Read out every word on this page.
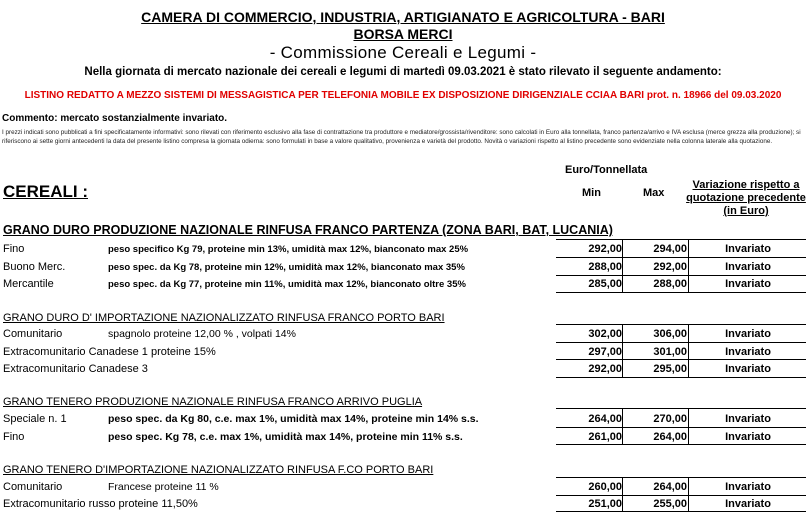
CAMERA DI COMMERCIO, INDUSTRIA, ARTIGIANATO E AGRICOLTURA - BARI
BORSA MERCI
- Commissione Cereali e Legumi -
Nella giornata di mercato nazionale dei cereali e legumi di martedì 09.03.2021 è stato rilevato il seguente andamento:
LISTINO REDATTO A MEZZO SISTEMI DI MESSAGISTICA PER TELEFONIA MOBILE EX DISPOSIZIONE DIRIGENZIALE CCIAA BARI prot. n. 18966 del 09.03.2020
Commento: mercato sostanzialmente invariato.
I prezzi indicati sono pubblicati a fini specificatamente informativi: sono rilevati con riferimento esclusivo alla fase di contrattazione tra produttore e mediatore/grossista/rivenditore: sono calcolati in Euro alla tonnellata, franco partenza/arrivo e IVA esclusa (merce grezza alla produzione); si riferiscono ai sette giorni antecedenti la data del presente listino compresa la giornata odierna: sono formulati in base a valore qualitativo, provenienza e varietà del prodotto. Novità o variazioni rispetto al listino precedente sono evidenziate nella colonna laterale alla quotazione.
CEREALI :
Euro/Tonnellata
Min	Max
Variazione rispetto a quotazione precedente (in Euro)
GRANO DURO PRODUZIONE NAZIONALE RINFUSA FRANCO PARTENZA (ZONA BARI, BAT, LUCANIA)
Fino	peso specifico Kg 79, proteine min 13%, umidità max 12%, bianconato max 25%	292,00	294,00	Invariato
Buono Merc.	peso spec. da Kg 78, proteine min 12%, umidità max 12%, bianconato max 35%	288,00	292,00	Invariato
Mercantile	peso spec. da Kg 77, proteine min 11%, umidità max 12%, bianconato oltre 35%	285,00	288,00	Invariato
GRANO DURO D' IMPORTAZIONE NAZIONALIZZATO RINFUSA FRANCO PORTO BARI
Comunitario	spagnolo proteine 12,00 % , volpati 14%	302,00	306,00	Invariato
Extracomunitario Canadese 1 proteine 15%	297,00	301,00	Invariato
Extracomunitario Canadese 3	292,00	295,00	Invariato
GRANO TENERO PRODUZIONE NAZIONALE RINFUSA FRANCO ARRIVO PUGLIA
Speciale n. 1	peso spec. da Kg 80, c.e. max 1%, umidità max 14%, proteine min 14% s.s.	264,00	270,00	Invariato
Fino	peso spec. Kg 78, c.e. max 1%, umidità max 14%, proteine min 11% s.s.	261,00	264,00	Invariato
GRANO TENERO D'IMPORTAZIONE NAZIONALIZZATO RINFUSA F.CO PORTO BARI
Comunitario	Francese proteine 11 %	260,00	264,00	Invariato
Extracomunitario russo proteine 11,50%	251,00	255,00	Invariato
